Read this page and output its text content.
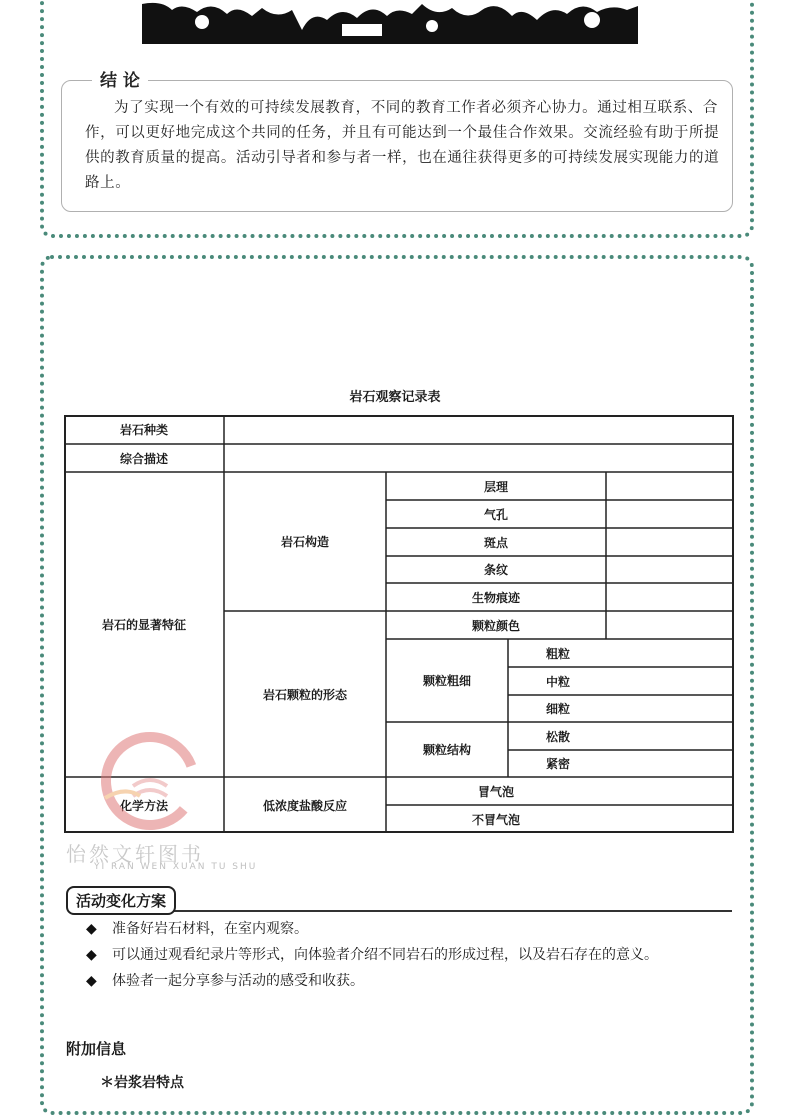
结 论

为了实现一个有效的可持续发展教育，不同的教育工作者必须齐心协力。通过相互联系、合作，可以更好地完成这个共同的任务，并且有可能达到一个最佳合作效果。交流经验有助于所提供的教育质量的提高。活动引导者和参与者一样，也在通往获得更多的可持续发展实现能力的道路上。

岩石观察记录表
岩石种类
综合描述
岩石的显著特征
岩石构造
层理
气孔
斑点
条纹
生物痕迹
岩石颗粒的形态
颗粒颜色
颗粒粗细
粗粒
中粒
细粒
颗粒结构
松散
紧密
化学方法	低浓度盐酸反应
冒气泡
不冒气泡
怡然文轩图书
YI RAN WEN XUAN TU SHU
活动变化方案
◆ 准备好岩石材料，在室内观察。
◆ 可以通过观看纪录片等形式，向体验者介绍不同岩石的形成过程，以及岩石存在的意义。
◆ 体验者一起分享参与活动的感受和收获。
附加信息
＊岩浆岩特点
